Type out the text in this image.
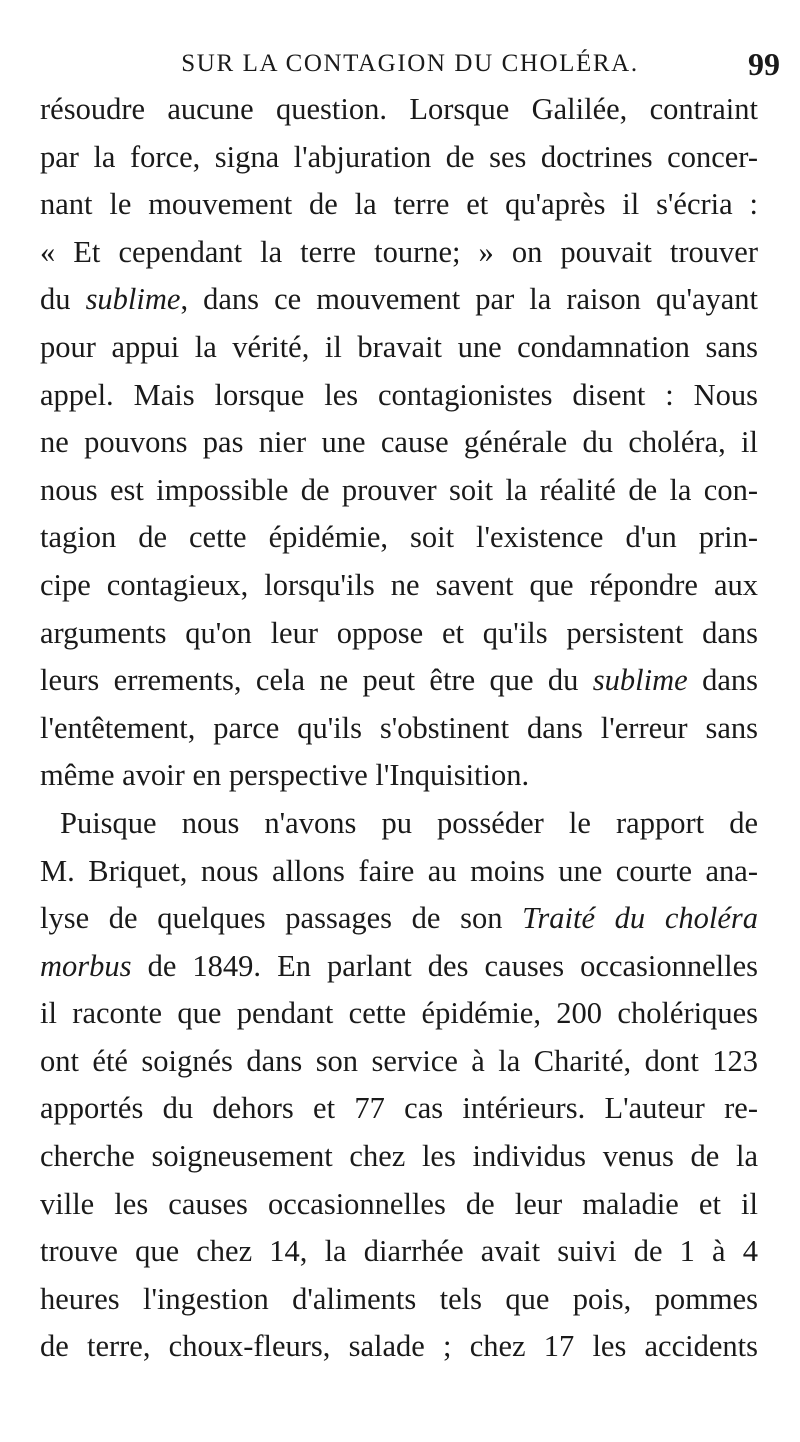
SUR LA CONTAGION DU CHOLÉRA.	99
résoudre aucune question. Lorsque Galilée, contraint
par la force, signa l'abjuration de ses doctrines concer-
nant le mouvement de la terre et qu'après il s'écria :
« Et cependant la terre tourne; » on pouvait trouver
du sublime, dans ce mouvement par la raison qu'ayant
pour appui la vérité, il bravait une condamnation sans
appel. Mais lorsque les contagionistes disent : Nous
ne pouvons pas nier une cause générale du choléra, il
nous est impossible de prouver soit la réalité de la con-
tagion de cette épidémie, soit l'existence d'un prin-
cipe contagieux, lorsqu'ils ne savent que répondre aux
arguments qu'on leur oppose et qu'ils persistent dans
leurs errements, cela ne peut être que du sublime dans
l'entêtement, parce qu'ils s'obstinent dans l'erreur sans
même avoir en perspective l'Inquisition.
Puisque nous n'avons pu posséder le rapport de
M. Briquet, nous allons faire au moins une courte ana-
lyse de quelques passages de son Traité du choléra
morbus de 1849. En parlant des causes occasionnelles
il raconte que pendant cette épidémie, 200 cholériques
ont été soignés dans son service à la Charité, dont 123
apportés du dehors et 77 cas intérieurs. L'auteur re-
cherche soigneusement chez les individus venus de la
ville les causes occasionnelles de leur maladie et il
trouve que chez 14, la diarrhée avait suivi de 1 à 4
heures l'ingestion d'aliments tels que pois, pommes
de terre, choux-fleurs, salade ; chez 17 les accidents
